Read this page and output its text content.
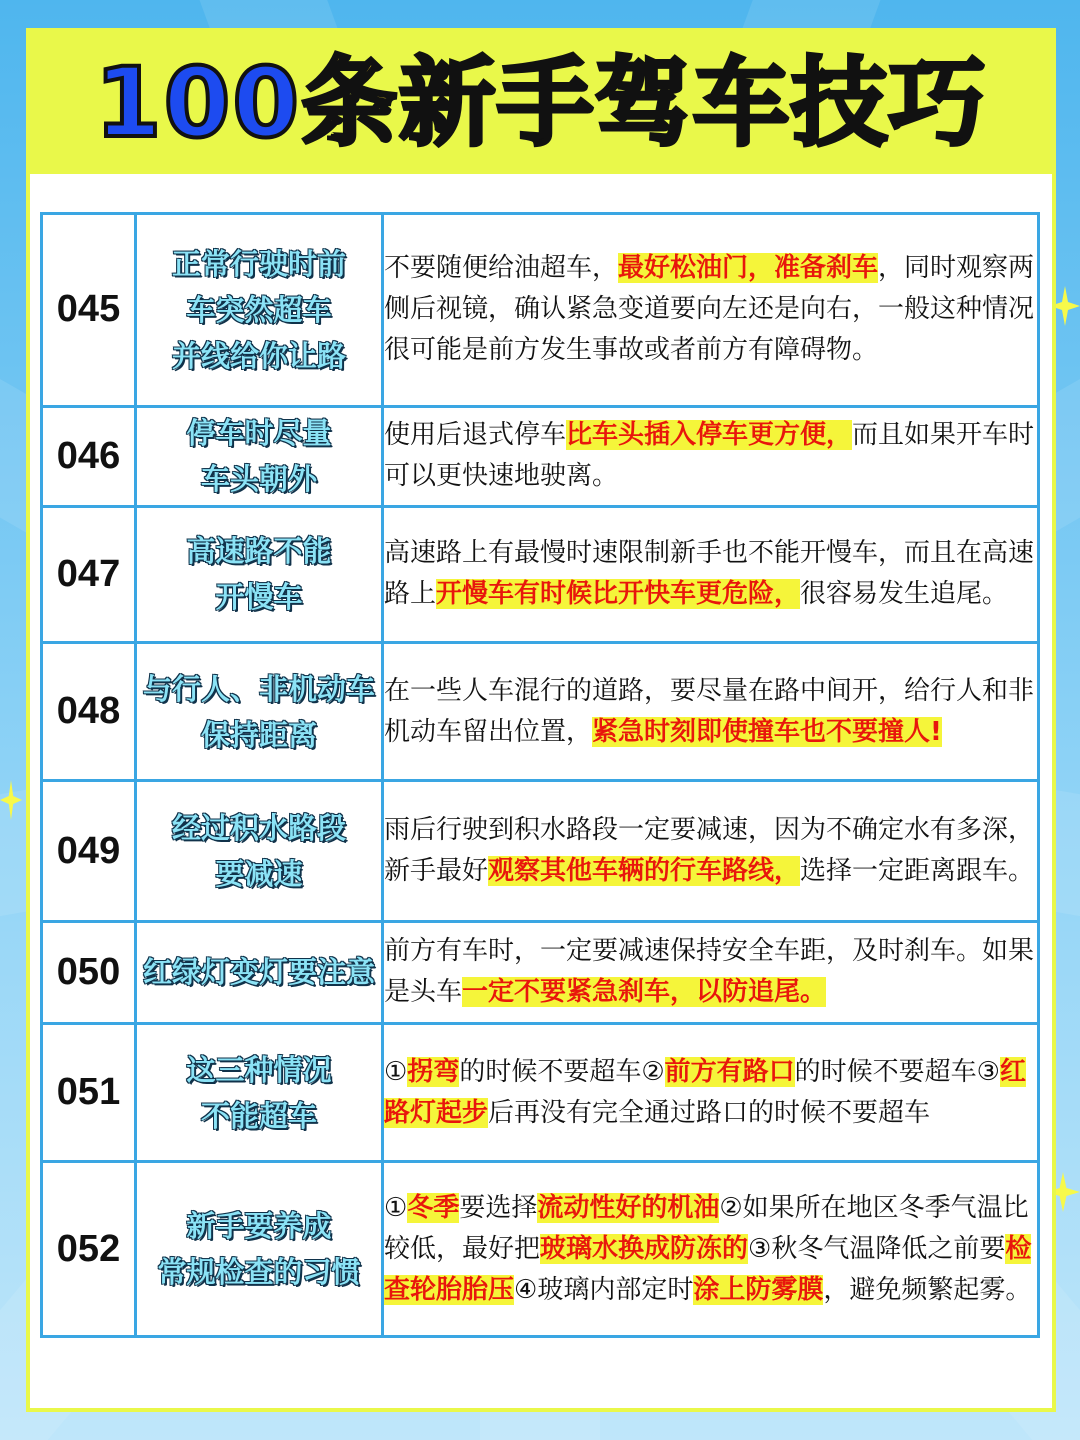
100条新手驾车技巧
045	正常行驶时前
车突然超车
并线给你让路	不要随便给油超车，最好松油门，准备刹车，同时观察两侧后视镜，确认紧急变道要向左还是向右，一般这种情况很可能是前方发生事故或者前方有障碍物。

046	停车时尽量
车头朝外	使用后退式停车比车头插入停车更方便，而且如果开车时可以更快速地驶离。

047	高速路不能
开慢车	高速路上有最慢时速限制新手也不能开慢车，而且在高速路上开慢车有时候比开快车更危险，很容易发生追尾。

048	与行人、非机动车
保持距离	在一些人车混行的道路，要尽量在路中间开，给行人和非机动车留出位置，紧急时刻即使撞车也不要撞人!

049	经过积水路段
要减速	雨后行驶到积水路段一定要减速，因为不确定水有多深，新手最好观察其他车辆的行车路线，选择一定距离跟车。

050	红绿灯变灯要注意	前方有车时，一定要减速保持安全车距，及时刹车。如果是头车一定不要紧急刹车，以防追尾。

051	这三种情况
不能超车	①拐弯的时候不要超车②前方有路口的时候不要超车③红路灯起步后再没有完全通过路口的时候不要超车

052	新手要养成
常规检查的习惯	①冬季要选择流动性好的机油②如果所在地区冬季气温比较低，最好把玻璃水换成防冻的③秋冬气温降低之前要检查轮胎胎压④玻璃内部定时涂上防雾膜，避免频繁起雾。
